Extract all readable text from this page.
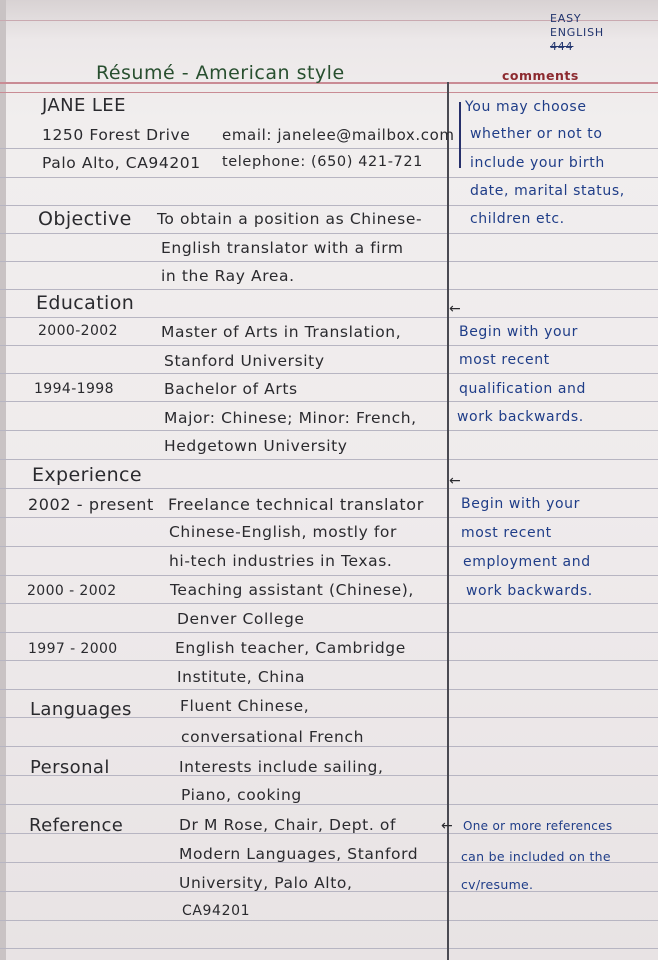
EASY
ENGLISH
444
Résumé - American style	comments
JANE LEE
1250 Forest Drive
Palo Alto, CA94201
email: janelee@mailbox.com
telephone: (650) 421-721
You may choose
whether or not to
include your birth
date, marital status,
children etc.
Objective To obtain a position as Chinese-
English translator with a firm
in the Ray Area.
Education
2000-2002	Master of Arts in Translation,
Stanford University
1994-1998	Bachelor of Arts
Major: Chinese; Minor: French,
Hedgetown University
←
Begin with your
most recent
qualification and
work backwards.
Experience
2002 - present Freelance technical translator
Chinese-English, mostly for
hi-tech industries in Texas.
2000 - 2002	Teaching assistant (Chinese),
Denver College
1997 - 2000	English teacher, Cambridge
Institute, China
←
Begin with your
most recent
employment and
work backwards.
Languages	Fluent Chinese,
conversational French
Personal	Interests include sailing,
Piano, cooking
Reference	Dr M Rose, Chair, Dept. of
Modern Languages, Stanford
University, Palo Alto,
CA94201
← One or more references
can be included on the
cv/resume.
